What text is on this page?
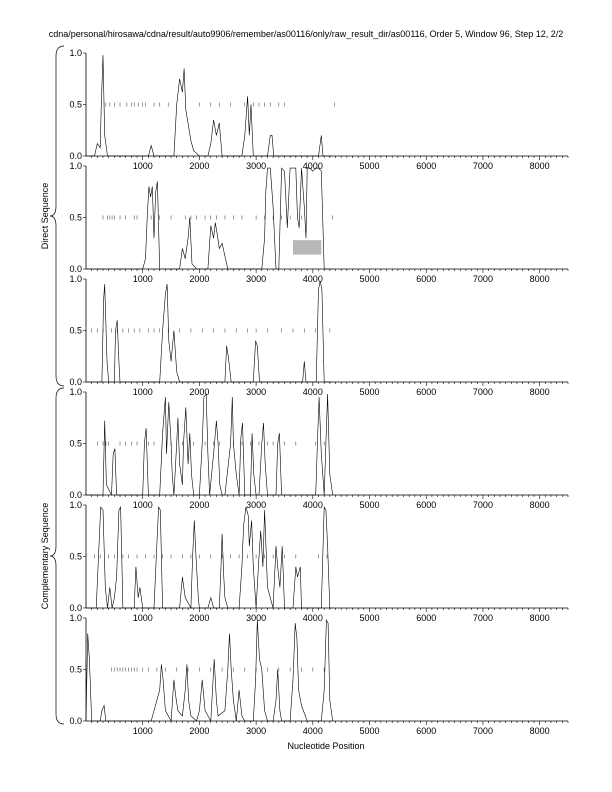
cdna/personal/hirosawa/cdna/result/auto9906/remember/as00116/only/raw_result_dir/as00116, Order 5, Window 96, Step 12, 2/2
0.0
0.5
1.0
1000	2000	3000	4000	5000	6000	7000	8000
0.0
0.5
1.0
1000	2000	3000	4000	5000	6000	7000	8000
0.0
0.5
1.0
1000	2000	3000	4000	5000	6000	7000	8000
0.0
0.5
1.0
1000	2000	3000	4000	5000	6000	7000	8000
0.0
0.5
1.0
1000	2000	3000	4000	5000	6000	7000	8000
0.0
0.5
1.0
1000	2000	3000	4000	5000	6000	7000	8000
Direct Sequence
Complementary Sequence
Nucleotide Position
